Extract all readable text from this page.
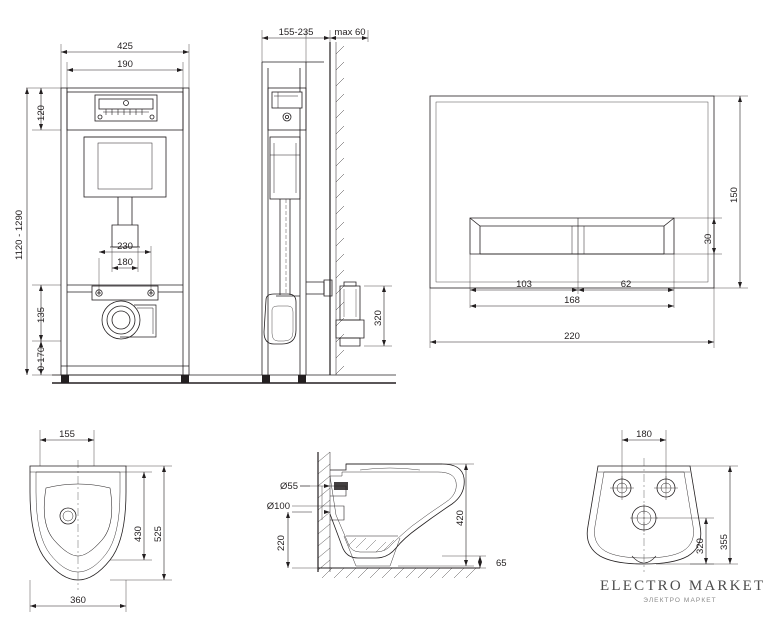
425
190
120
1120 - 1290	230
180
135
0-170
155-235 max 60
320
150
30
103	62
168
220
155
430 525
360
Ø55
Ø100
220
420
65
180
320 355
ELECTRO MARKET
ЭЛЕКТРО МАРКЕТ
